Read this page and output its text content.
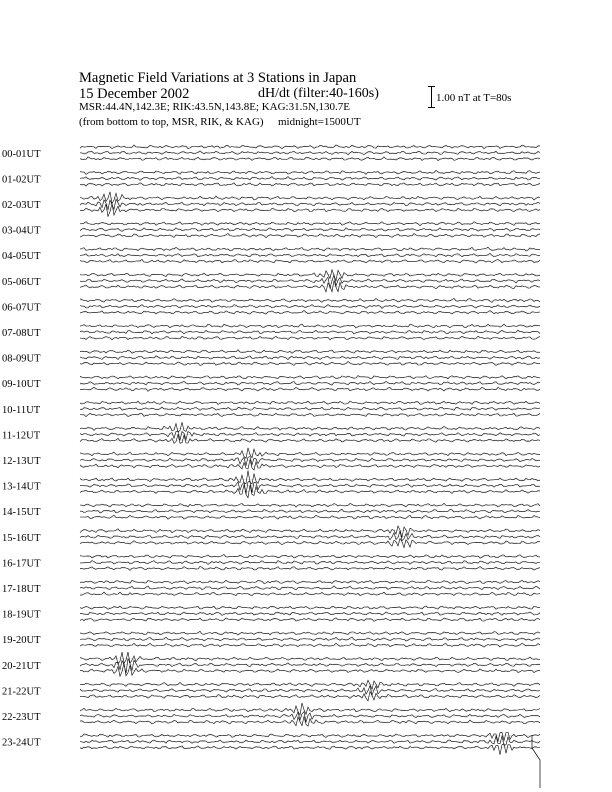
Magnetic Field Variations at 3 Stations in Japan
15 December 2002	dH/dt (filter:40-160s)
MSR:44.4N,142.3E; RIK:43.5N,143.8E; KAG:31.5N,130.7E
(from bottom to top, MSR, RIK, & KAG) midnight=1500UT
1.00 nT at T=80s
00-01UT
01-02UT
02-03UT
03-04UT
04-05UT
05-06UT
06-07UT
07-08UT
08-09UT
09-10UT
10-11UT
11-12UT
12-13UT
13-14UT
14-15UT
15-16UT
16-17UT
17-18UT
18-19UT
19-20UT
20-21UT
21-22UT
22-23UT
23-24UT
